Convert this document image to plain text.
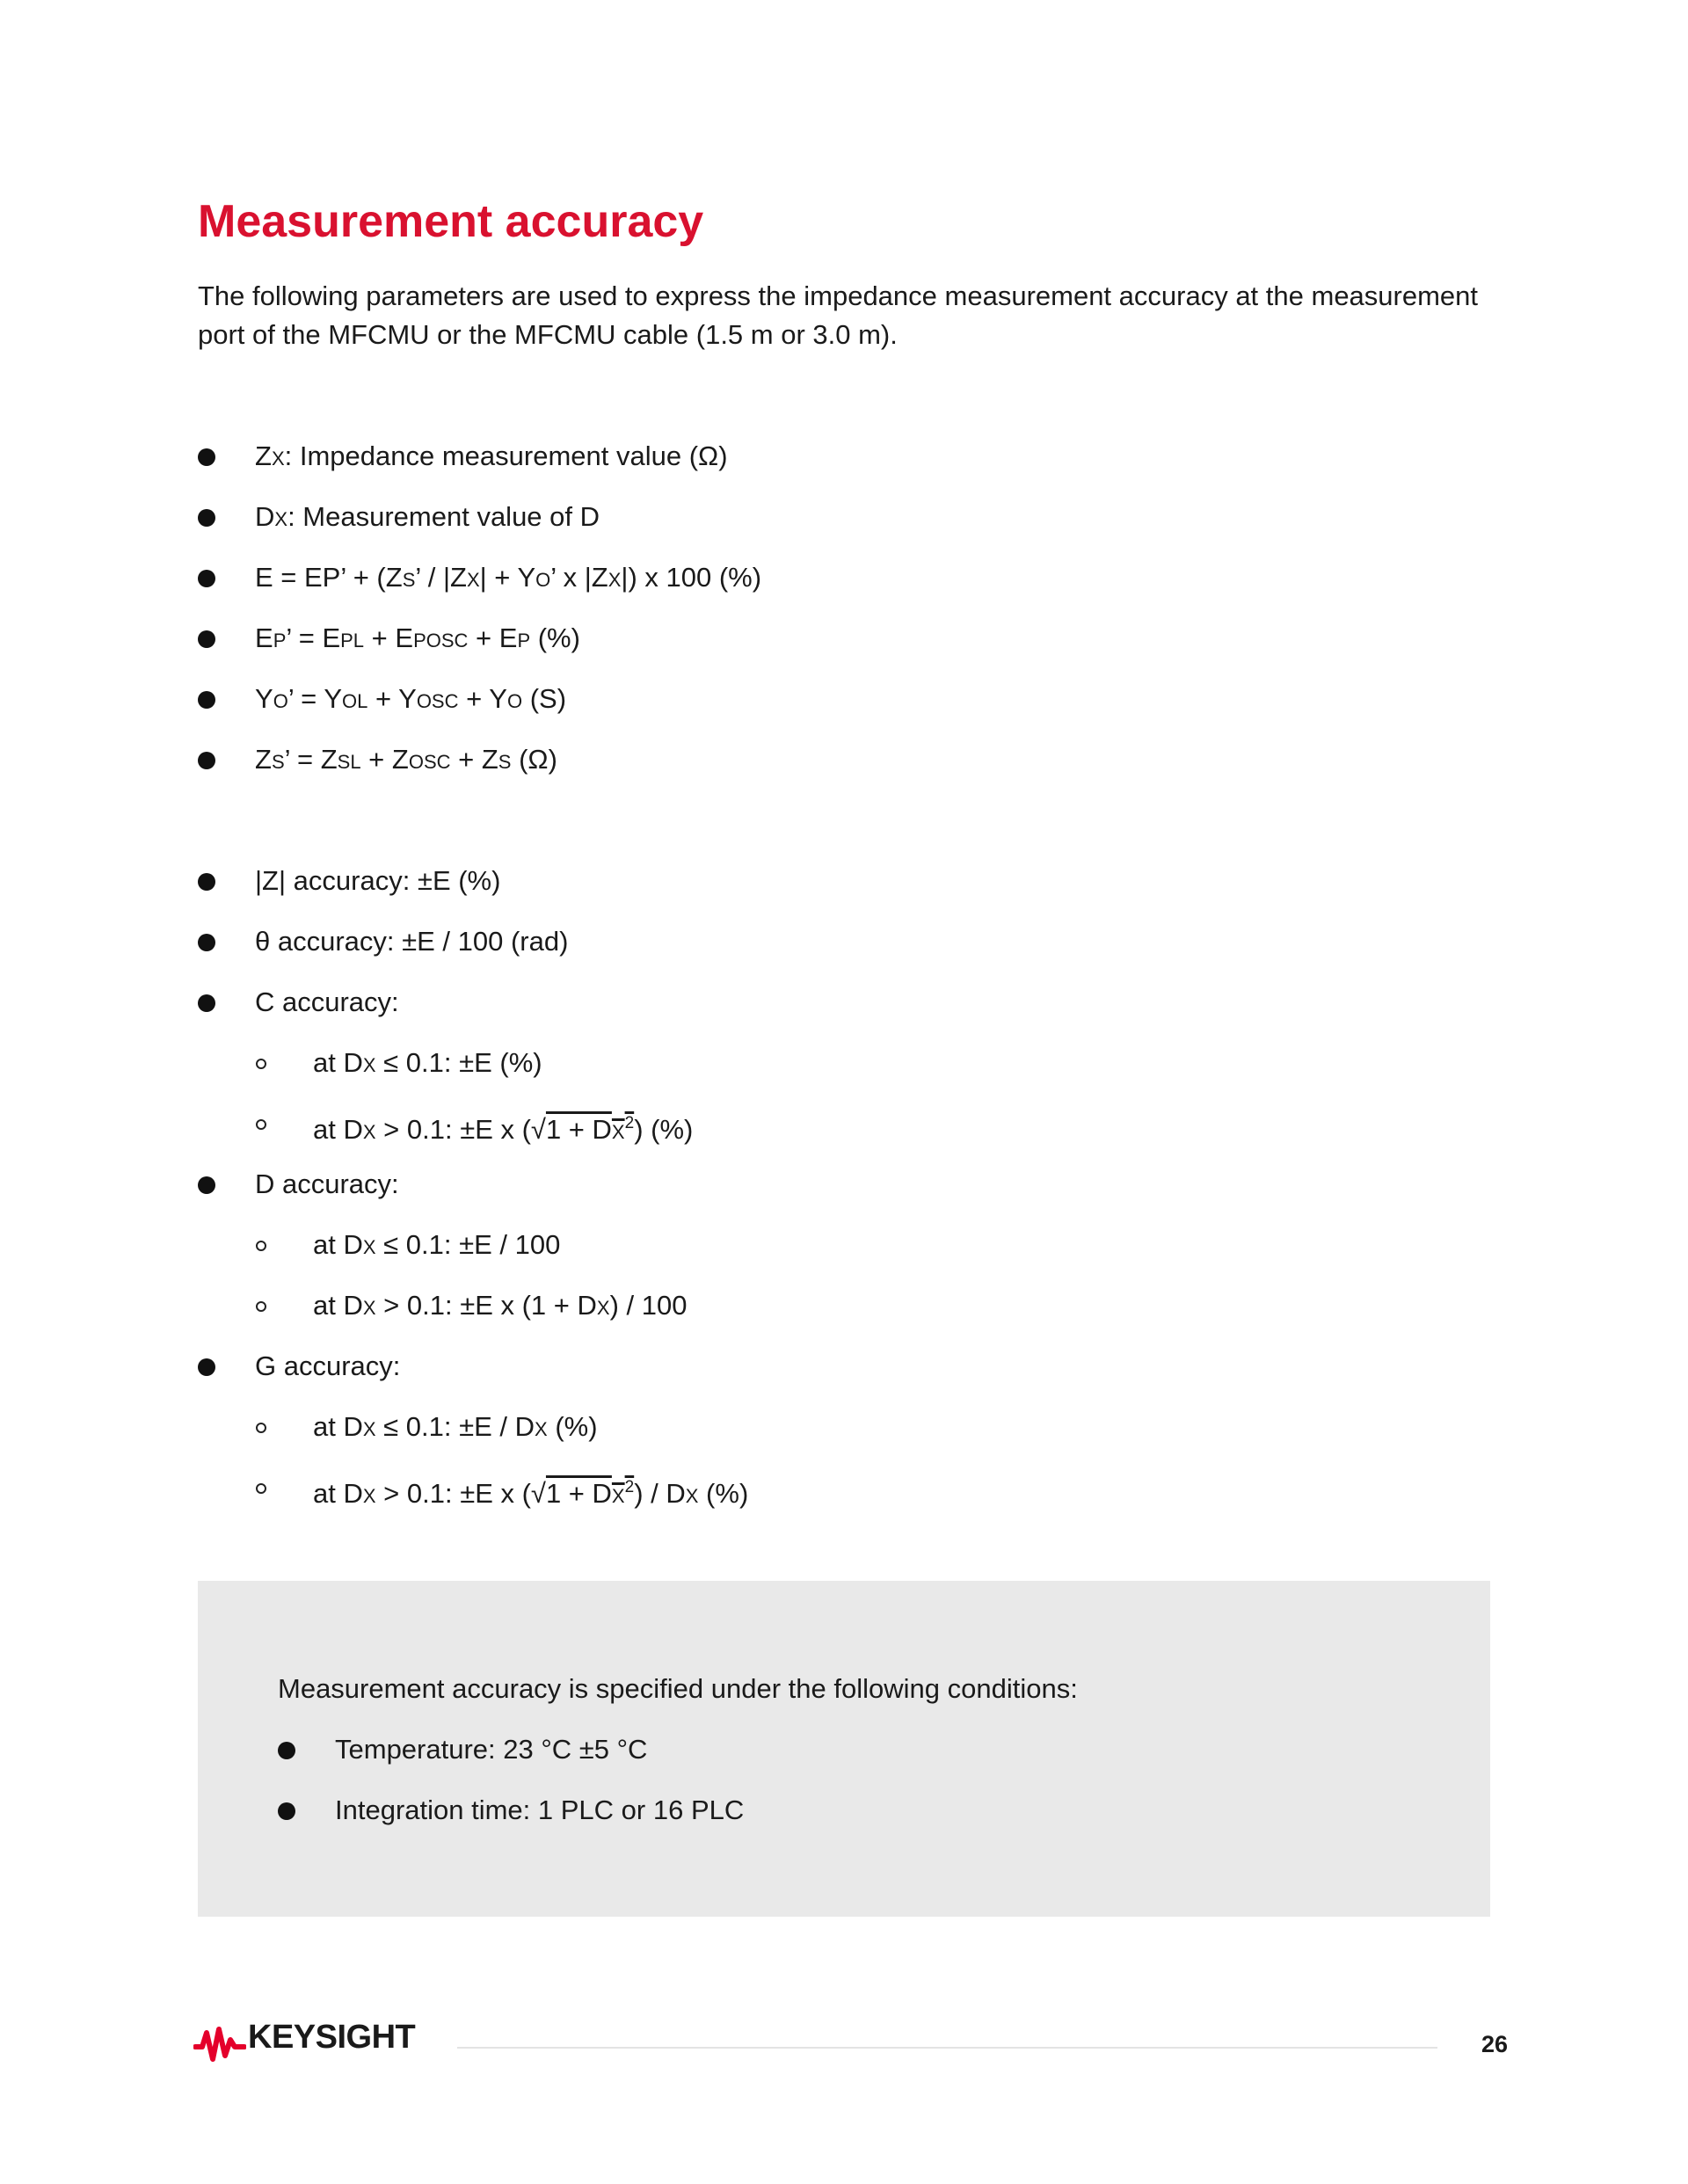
Measurement accuracy

The following parameters are used to express the impedance measurement accuracy at the measurement port of the MFCMU or the MFCMU cable (1.5 m or 3.0 m).

ZX: Impedance measurement value (Ω)
DX: Measurement value of D
E = EP’ + (ZS’ / |ZX| + YO’ x |ZX|) x 100 (%)
EP’ = EPL + EPOSC + EP (%)
YO’ = YOL + YOSC + YO (S)
ZS’ = ZSL + ZOSC + ZS (Ω)
|Z| accuracy: ±E (%)
θ accuracy: ±E / 100 (rad)
C accuracy:
at DX ≤ 0.1: ±E (%)
at DX > 0.1: ±E x $(√1 + DX^2)$ (%)
D accuracy:
at DX ≤ 0.1: ±E / 100
at DX > 0.1: ±E x (1 + DX) / 100
G accuracy:
at DX ≤ 0.1: ±E / DX (%)
at DX > 0.1: ±E x $(√1 + DX^2)$ / DX (%)
Measurement accuracy is specified under the following conditions:
Temperature: 23 °C ±5 °C
Integration time: 1 PLC or 16 PLC
KEYSIGHT	26
